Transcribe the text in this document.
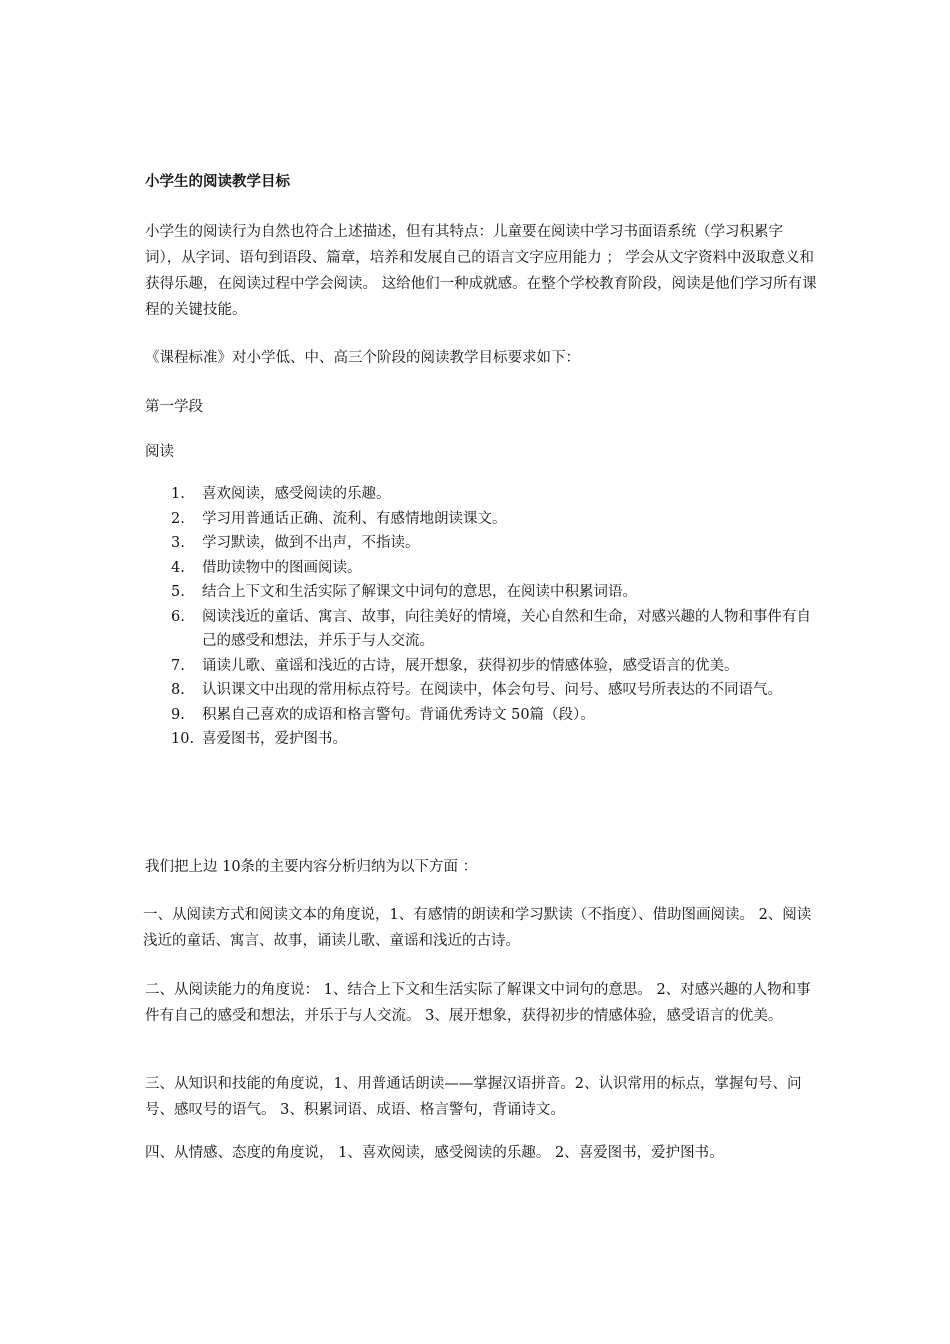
小学生的阅读教学目标

小学生的阅读行为自然也符合上述描述，但有其特点：儿童要在阅读中学习书面语系统（学习积累字词），从字词、语句到语段、篇章，培养和发展自己的语言文字应用能力 ； 学会从文字资料中汲取意义和获得乐趣，在阅读过程中学会阅读。 这给他们一种成就感。在整个学校教育阶段，阅读是他们学习所有课程的关键技能。

《课程标准》对小学低、中、高三个阶段的阅读教学目标要求如下：

第一学段

阅读

1.	喜欢阅读，感受阅读的乐趣。
2.	学习用普通话正确、流利、有感情地朗读课文。
3.	学习默读，做到不出声，不指读。
4.	借助读物中的图画阅读。
5.	结合上下文和生活实际了解课文中词句的意思，在阅读中积累词语。
6.	阅读浅近的童话、寓言、故事，向往美好的情境，关心自然和生命，对感兴趣的人物和事件有自己的感受和想法，并乐于与人交流。
7.	诵读儿歌、童谣和浅近的古诗，展开想象，获得初步的情感体验，感受语言的优美。
8.	认识课文中出现的常用标点符号。在阅读中，体会句号、问号、感叹号所表达的不同语气。
9.	积累自己喜欢的成语和格言警句。背诵优秀诗文 50篇（段）。
10. 喜爱图书，爱护图书。

我们把上边 10条的主要内容分析归纳为以下方面 ：

一、从阅读方式和阅读文本的角度说，1、有感情的朗读和学习默读（不指度）、借助图画阅读。 2、阅读浅近的童话、寓言、故事，诵读儿歌、童谣和浅近的古诗。

二、从阅读能力的角度说： 1、结合上下文和生活实际了解课文中词句的意思。 2、对感兴趣的人物和事件有自己的感受和想法，并乐于与人交流。 3、展开想象，获得初步的情感体验，感受语言的优美。

三、从知识和技能的角度说，1、用普通话朗读——掌握汉语拼音。2、认识常用的标点，掌握句号、问号、感叹号的语气。 3、积累词语、成语、格言警句，背诵诗文。

四、从情感、态度的角度说， 1、喜欢阅读，感受阅读的乐趣。 2、喜爱图书，爱护图书。
